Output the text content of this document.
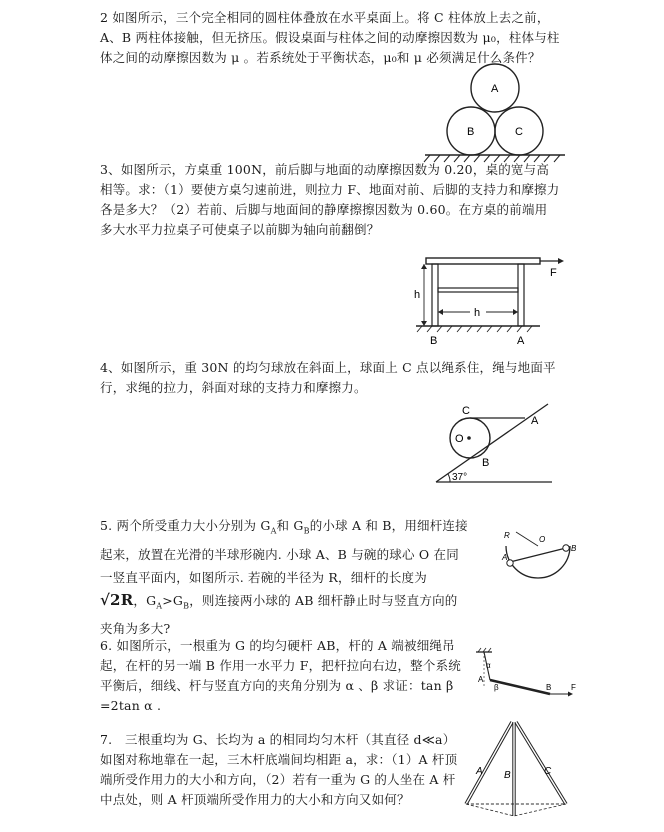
2 如图所示，三个完全相同的圆柱体叠放在水平桌面上。将 C 柱体放上去之前，A、B 两柱体接触，但无挤压。假设桌面与柱体之间的动摩擦因数为 μ₀，柱体与柱体之间的动摩擦因数为 μ 。若系统处于平衡状态，μ₀和 μ 必须满足什么条件？

A
B	C

3、如图所示，方桌重 100N，前后脚与地面的动摩擦因数为 0.20，桌的宽与高相等。求：（1）要使方桌匀速前进，则拉力 F、地面对前、后脚的支持力和摩擦力各是多大？（2）若前、后脚与地面间的静摩擦擦因数为 0.60。在方桌的前端用多大水平力拉桌子可使桌子以前脚为轴向前翻倒？

F
h
h
B	A

4、如图所示，重 30N 的均匀球放在斜面上，球面上 C 点以绳系住，绳与地面平行，求绳的拉力，斜面对球的支持力和摩擦力。

C
A
O
B
37°

5. 两个所受重力大小分别为 $G_A$和 $G_B$的小球 A 和 B，用细杆连接起来，放置在光滑的半球形碗内. 小球 A、B 与碗的球心 O 在同一竖直平面内，如图所示. 若碗的半径为 R，细杆的长度为√2R，$G_A>G_B$，则连接两小球的 AB 细杆静止时与竖直方向的夹角为多大?

R	O
A
B

6. 如图所示，一根重为 G 的均匀硬杆 AB，杆的 A 端被细绳吊起，在杆的另一端 B 作用一水平力 F，把杆拉向右边，整个系统平衡后，细线、杆与竖直方向的夹角分别为 α 、β 求证：tan β =2tan α .

α
A
β	B F

7.　三根重均为 G、长均为 a 的相同均匀木杆（其直径 d≪a）如图对称地靠在一起，三木杆底端间均相距 a，求：（1）A 杆顶端所受作用力的大小和方向，（2）若有一重为 G 的人坐在 A 杆中点处，则 A 杆顶端所受作用力的大小和方向又如何？

A B	C
